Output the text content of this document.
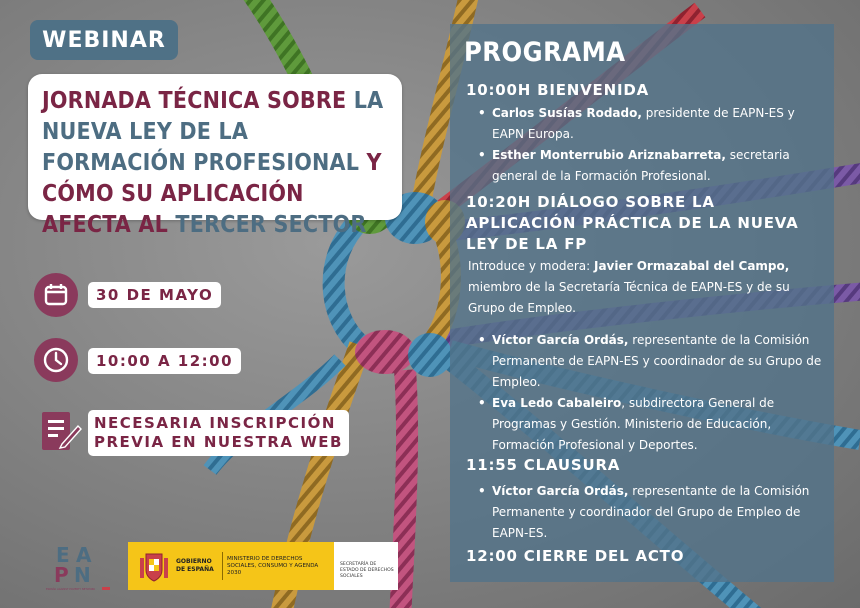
WEBINAR

JORNADA TÉCNICA SOBRE LA NUEVA LEY DE LA FORMACIÓN PROFESIONAL Y CÓMO SU APLICACIÓN AFECTA AL TERCER SECTOR

30 DE MAYO
10:00 A 12:00
NECESARIA INSCRIPCIÓN
PREVIA EN NUESTRA WEB
PROGRAMA
10:00H BIENVENIDA
• Carlos Susías Rodado, presidente de EAPN-ES y EAPN Europa.
• Esther Monterrubio Ariznabarreta, secretaria general de la Formación Profesional.
10:20H DIÁLOGO SOBRE LA APLICACIÓN PRÁCTICA DE LA NUEVA LEY DE LA FP

Introduce y modera: Javier Ormazabal del Campo, miembro de la Secretaría Técnica de EAPN-ES y de su Grupo de Empleo.

• Víctor García Ordás, representante de la Comisión Permanente de EAPN-ES y coordinador de su Grupo de Empleo.
• Eva Ledo Cabaleiro, subdirectora General de Programas y Gestión. Ministerio de Educación, Formación Profesional y Deportes.
11:55 CLAUSURA
• Víctor García Ordás, representante de la Comisión Permanente y coordinador del Grupo de Empleo de EAPN-ES.
12:00 CIERRE DEL ACTO
E A
P N
ESPAÑA AGAINST POVERTY NETWORK
GOBIERNO DE ESPAÑA
MINISTERIO DE DERECHOS SOCIALES, CONSUMO Y AGENDA 2030
SECRETARÍA DE ESTADO DE DERECHOS SOCIALES
